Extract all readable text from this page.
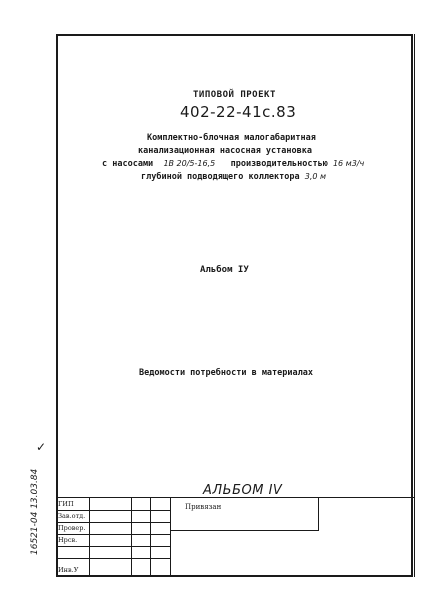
ТИПОВОЙ ПРОЕКТ
402-22-41с.83
Комплектно-блочная малогабаритная
канализационная насосная установка
с насосами 1В 20/5-16,5 производительностью 16 м3/ч
глубиной подводящего коллектора 3,0 м
Альбом IУ
Ведомости потребности в материалах
АЛЬБОМ IV
ГИП
Зав.отд.
Провер.
Нрсв.
Инв.У
Привязан
16521-04 13.03.84
✓
